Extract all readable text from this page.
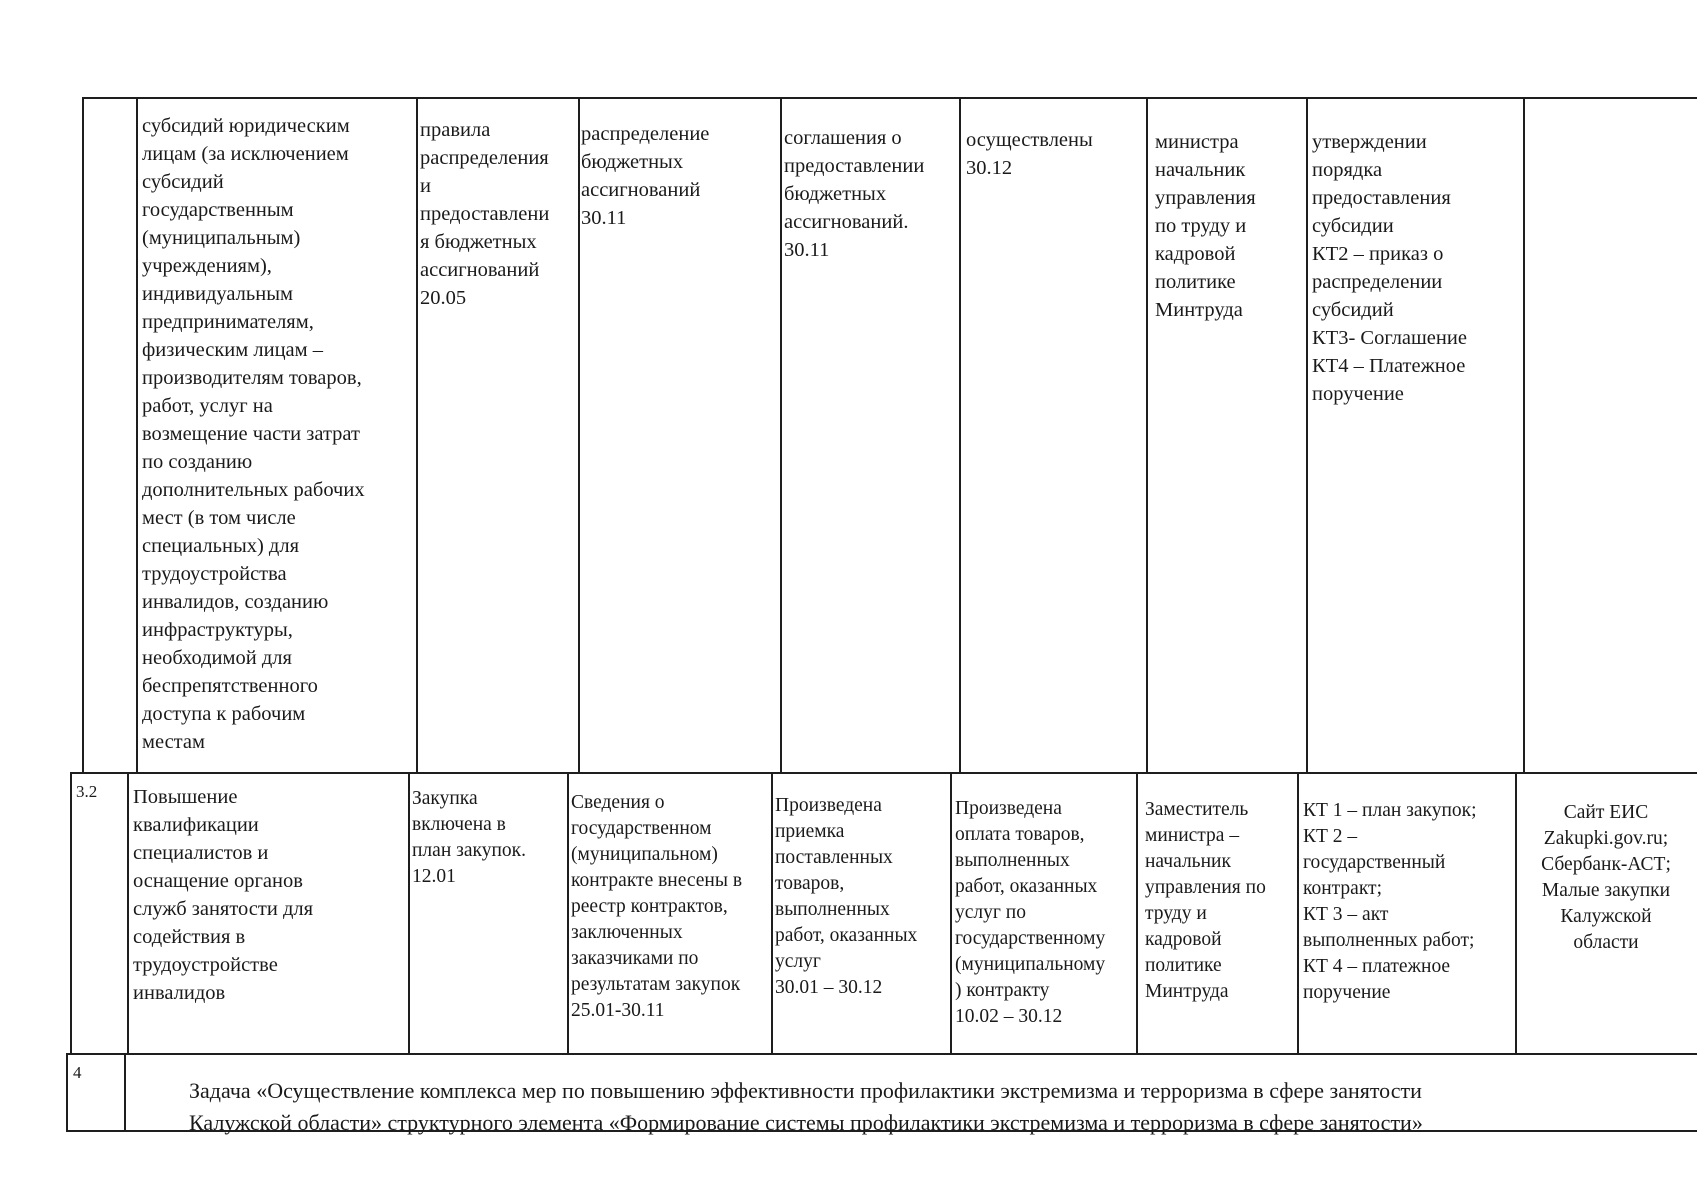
субсидий юридическим
лицам (за исключением
субсидий
государственным
(муниципальным)
учреждениям),
индивидуальным
предпринимателям,
физическим лицам –
производителям товаров,
работ, услуг на
возмещение части затрат
по созданию
дополнительных рабочих
мест (в том числе
специальных) для
трудоустройства
инвалидов, созданию
инфраструктуры,
необходимой для
беспрепятственного
доступа к рабочим
местам
правила
распределения
и
предоставлени
я бюджетных
ассигнований
20.05
распределение
бюджетных
ассигнований
30.11
соглашения о
предоставлении
бюджетных
ассигнований.
30.11
осуществлены
30.12
министра
начальник
управления
по труду и
кадровой
политике
Минтруда
утверждении
порядка
предоставления
субсидии
КТ2 – приказ о
распределении
субсидий
КТ3- Соглашение
КТ4 – Платежное
поручение
3.2 Повышение
квалификации
специалистов и
оснащение органов
служб занятости для
содействия в
трудоустройстве
инвалидов
Закупка
включена в
план закупок.
12.01
Сведения о
государственном
(муниципальном)
контракте внесены в
реестр контрактов,
заключенных
заказчиками по
результатам закупок
25.01-30.11
Произведена
приемка
поставленных
товаров,
выполненных
работ, оказанных
услуг
30.01 – 30.12
Произведена
оплата товаров,
выполненных
работ, оказанных
услуг по
государственному
(муниципальному
) контракту
10.02 – 30.12
Заместитель
министра –
начальник
управления по
труду и
кадровой
политике
Минтруда
КТ 1 – план закупок;
КТ 2 –
государственный
контракт;
КТ 3 – акт
выполненных работ;
КТ 4 – платежное
поручение
Сайт ЕИС
Zakupki.gov.ru;
Сбербанк-АСТ;
Малые закупки
Калужской
области
4
Задача «Осуществление комплекса мер по повышению эффективности профилактики экстремизма и терроризма в сфере занятости
Калужской области» структурного элемента «Формирование системы профилактики экстремизма и терроризма в сфере занятости»
